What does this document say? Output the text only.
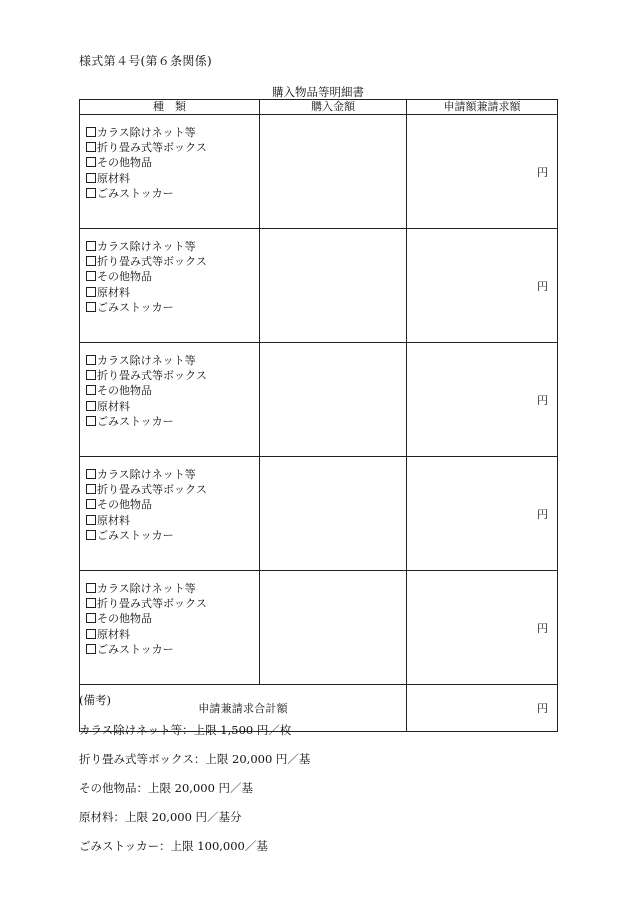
様式第４号(第６条関係)
購入物品等明細書
種　類	購入金額	申請額兼請求額

カラス除けネット等
折り畳み式等ボックス
その他物品
原材料
ごみストッカー		円

カラス除けネット等
折り畳み式等ボックス
その他物品
原材料
ごみストッカー		円

カラス除けネット等
折り畳み式等ボックス
その他物品
原材料
ごみストッカー		円

カラス除けネット等
折り畳み式等ボックス
その他物品
原材料
ごみストッカー		円

カラス除けネット等
折り畳み式等ボックス
その他物品
原材料
ごみストッカー		円
申請兼請求合計額		円
(備考)
カラス除けネット等：上限 1,500 円／枚
折り畳み式等ボックス：上限 20,000 円／基
その他物品：上限 20,000 円／基
原材料：上限 20,000 円／基分
ごみストッカー：上限 100,000／基
